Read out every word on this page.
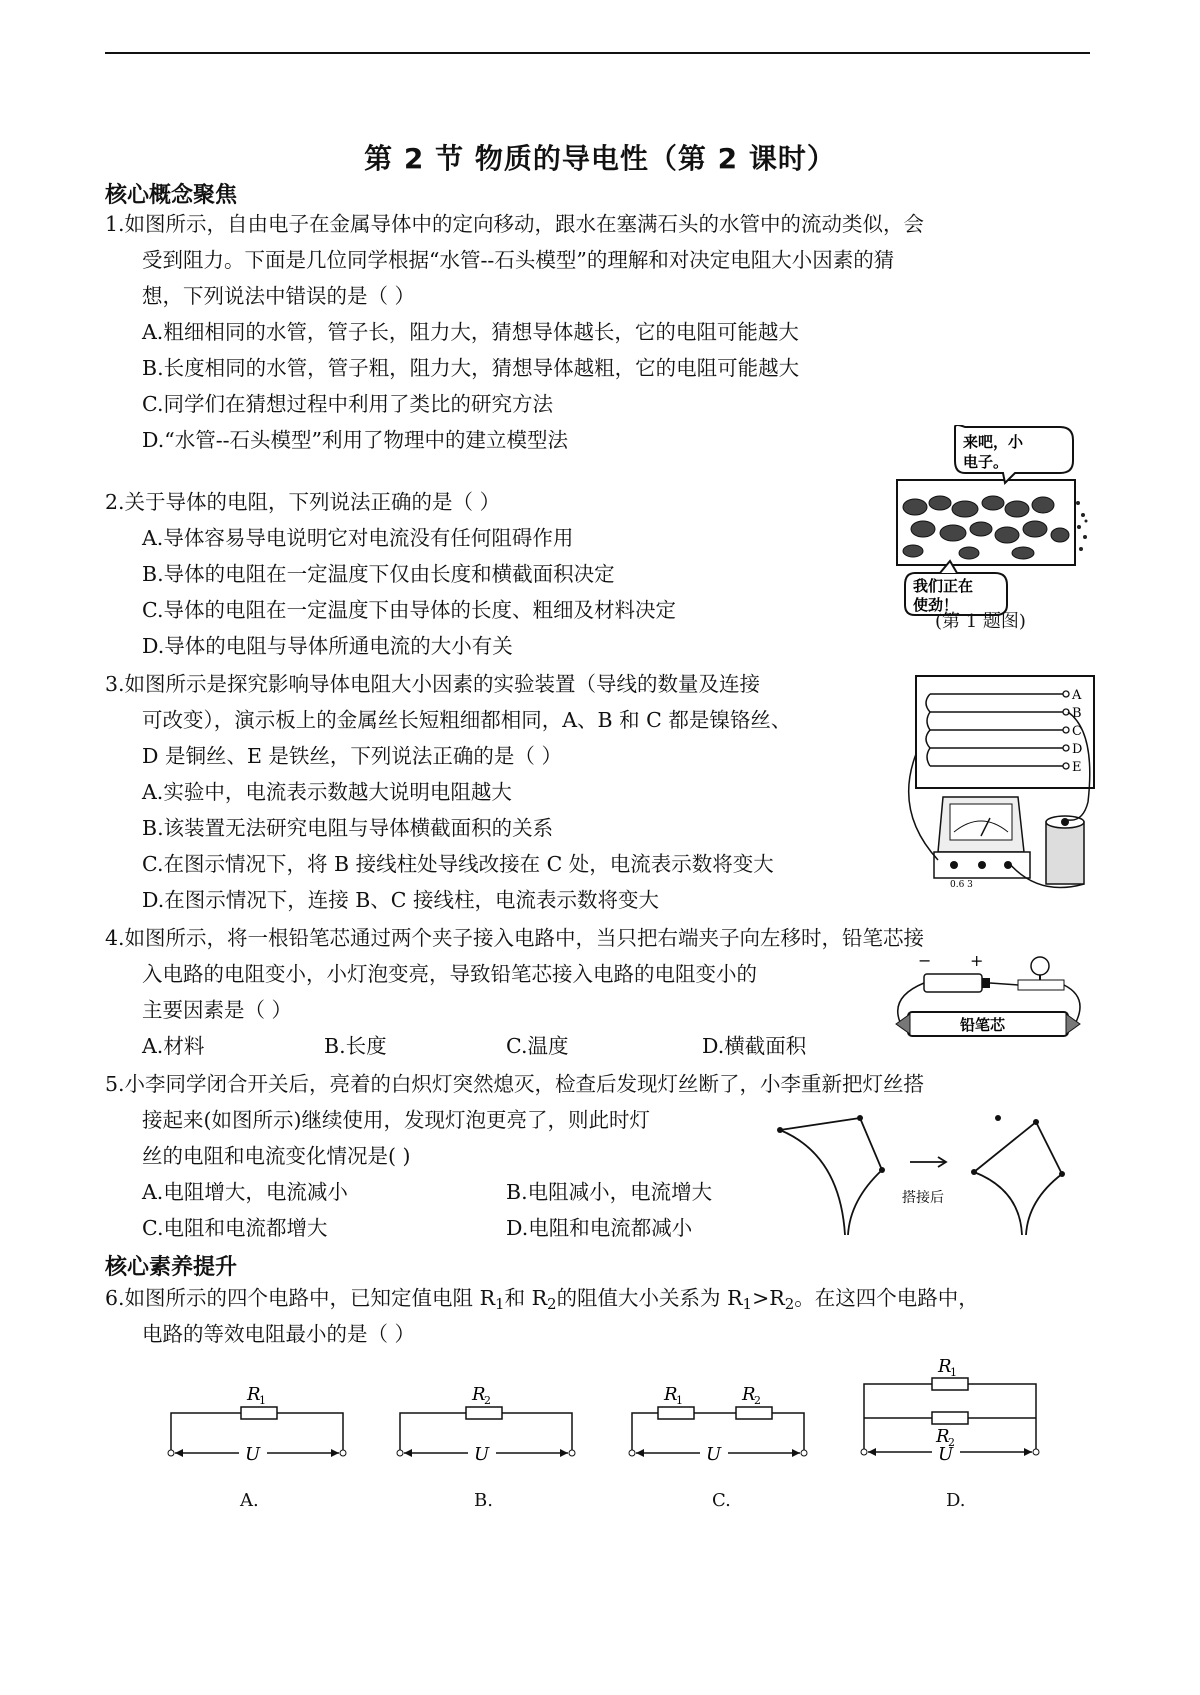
第 2 节 物质的导电性（第 2 课时）
核心概念聚焦
1.如图所示，自由电子在金属导体中的定向移动，跟水在塞满石头的水管中的流动类似，会
受到阻力。下面是几位同学根据“水管--石头模型”的理解和对决定电阻大小因素的猜
想，下列说法中错误的是（ ）
A.粗细相同的水管，管子长，阻力大，猜想导体越长，它的电阻可能越大
B.长度相同的水管，管子粗，阻力大，猜想导体越粗，它的电阻可能越大
C.同学们在猜想过程中利用了类比的研究方法
D.“水管--石头模型”利用了物理中的建立模型法	来吧，小
电子。
我们正在
使劲！
(第 1 题图)
2.关于导体的电阻，下列说法正确的是（ ）
A.导体容易导电说明它对电流没有任何阻碍作用
B.导体的电阻在一定温度下仅由长度和横截面积决定
C.导体的电阻在一定温度下由导体的长度、粗细及材料决定
D.导体的电阻与导体所通电流的大小有关
3.如图所示是探究影响导体电阻大小因素的实验装置（导线的数量及连接
可改变），演示板上的金属丝长短粗细都相同，A、B 和 C 都是镍铬丝、
D 是铜丝、E 是铁丝，下列说法正确的是（ ）
A.实验中，电流表示数越大说明电阻越大
B.该装置无法研究电阻与导体横截面积的关系
C.在图示情况下，将 B 接线柱处导线改接在 C 处，电流表示数将变大
D.在图示情况下，连接 B、C 接线柱，电流表示数将变大
A
B
C
D
E
0.6 3
4.如图所示，将一根铅笔芯通过两个夹子接入电路中，当只把右端夹子向左移时，铅笔芯接
入电路的电阻变小，小灯泡变亮，导致铅笔芯接入电路的电阻变小的
主要因素是（ ）
A.材料	B.长度	C.温度	D.横截面积
− +
铅笔芯
5.小李同学闭合开关后，亮着的白炽灯突然熄灭，检查后发现灯丝断了，小李重新把灯丝搭
接起来(如图所示)继续使用，发现灯泡更亮了，则此时灯
丝的电阻和电流变化情况是( )
A.电阻增大，电流减小	B.电阻减小，电流增大
C.电阻和电流都增大	D.电阻和电流都减小
搭接后
核心素养提升
6.如图所示的四个电路中，已知定值电阻 $R_1$和 $R_2$的阻值大小关系为 $R_1>R_2$。在这四个电路中，
电路的等效电阻最小的是（ ）
R
1
U
A.
R
2
U
B.
R
1	R
2
U
C.
R
1
R
2
U
D.
